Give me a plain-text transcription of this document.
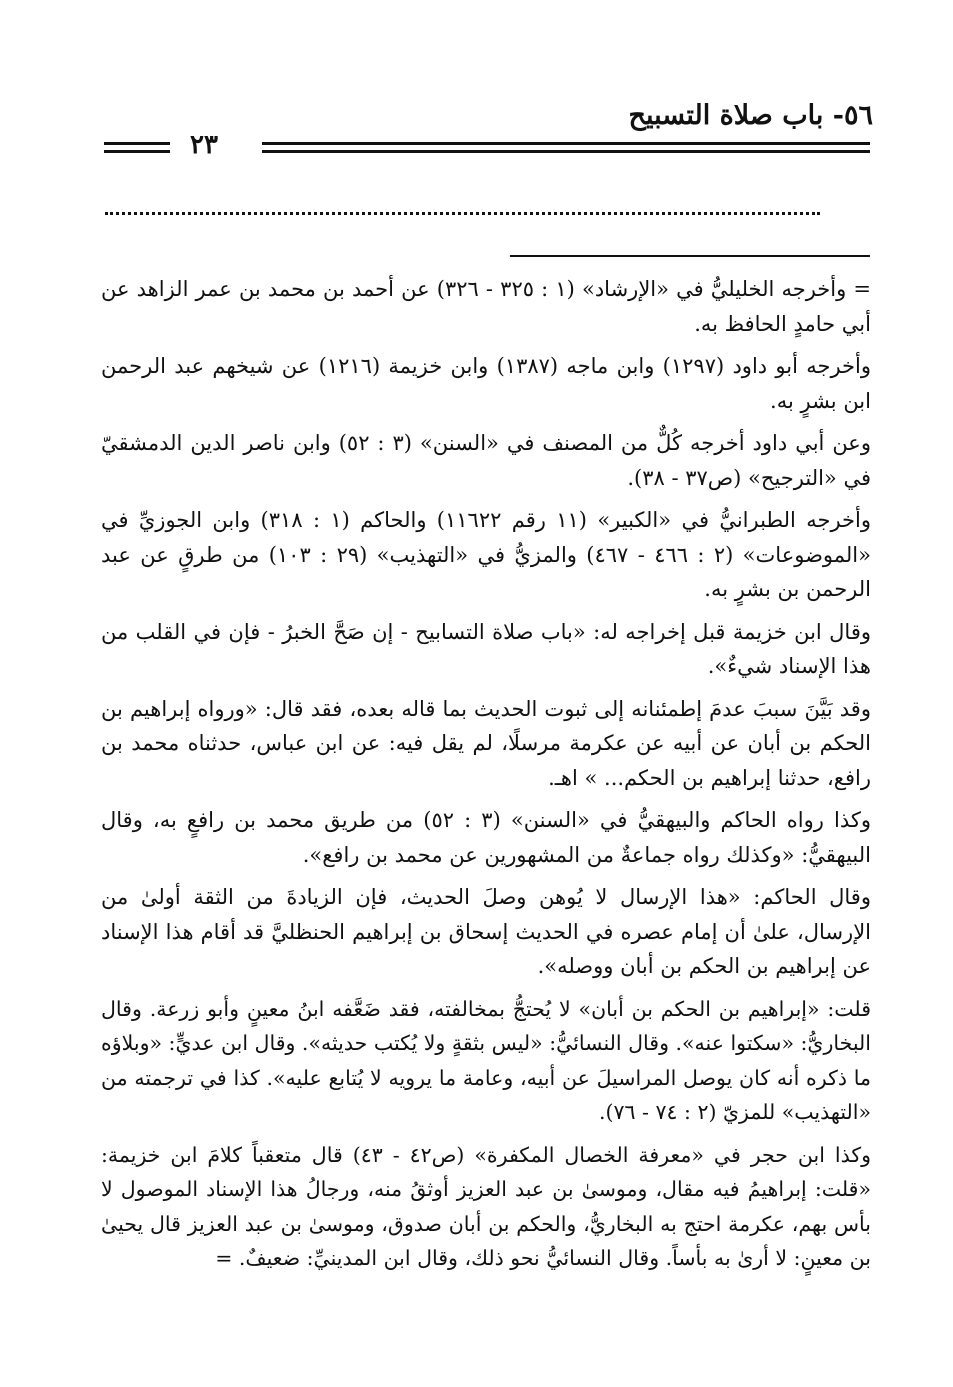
٥٦- باب صلاة التسبيح
٢٣

= وأخرجه الخليليُّ في «الإرشاد» (١ : ٣٢٥ - ٣٢٦) عن أحمد بن محمد بن عمر الزاهد عن أبي حامدٍ الحافظ به.

وأخرجه أبو داود (١٢٩٧) وابن ماجه (١٣٨٧) وابن خزيمة (١٢١٦) عن شيخهم عبد الرحمن ابن بشرٍ به.

وعن أبي داود أخرجه كُلٌّ من المصنف في «السنن» (٣ : ٥٢) وابن ناصر الدين الدمشقيّ في «الترجيح» (ص٣٧ - ٣٨).

وأخرجه الطبرانيُّ في «الكبير» (١١ رقم ١١٦٢٢) والحاكم (١ : ٣١٨) وابن الجوزيِّ في «الموضوعات» (٢ : ٤٦٦ - ٤٦٧) والمزيُّ في «التهذيب» (٢٩ : ١٠٣) من طرقٍ عن عبد الرحمن بن بشرٍ به.

وقال ابن خزيمة قبل إخراجه له: «باب صلاة التسابيح - إن صَحَّ الخبرُ - فإن في القلب من هذا الإسناد شيءٌ».

وقد بَيَّنَ سببَ عدمَ إطمئنانه إلى ثبوت الحديث بما قاله بعده، فقد قال: «ورواه إبراهيم بن الحكم بن أبان عن أبيه عن عكرمة مرسلًا، لم يقل فيه: عن ابن عباس، حدثناه محمد بن رافع، حدثنا إبراهيم بن الحكم... » اهـ.

وكذا رواه الحاكم والبيهقيُّ في «السنن» (٣ : ٥٢) من طريق محمد بن رافعٍ به، وقال البيهقيُّ: «وكذلك رواه جماعةٌ من المشهورين عن محمد بن رافع».

وقال الحاكم: «هذا الإرسال لا يُوهن وصلَ الحديث، فإن الزيادةَ من الثقة أولىٰ من الإرسال، علىٰ أن إمام عصره في الحديث إسحاق بن إبراهيم الحنظليَّ قد أقام هذا الإسناد عن إبراهيم بن الحكم بن أبان ووصله».

قلت: «إبراهيم بن الحكم بن أبان» لا يُحتجُّ بمخالفته، فقد ضَعَّفه ابنُ معينٍ وأبو زرعة. وقال البخاريُّ: «سكتوا عنه». وقال النسائيُّ: «ليس بثقةٍ ولا يُكتب حديثه». وقال ابن عديٍّ: «وبلاؤه ما ذكره أنه كان يوصل المراسيلَ عن أبيه، وعامة ما يرويه لا يُتابع عليه». كذا في ترجمته من «التهذيب» للمزيّ (٢ : ٧٤ - ٧٦).

وكذا ابن حجر في «معرفة الخصال المكفرة» (ص٤٢ - ٤٣) قال متعقباً كلامَ ابن خزيمة: «قلت: إبراهيمُ فيه مقال، وموسىٰ بن عبد العزيز أوثقُ منه، ورجالُ هذا الإسناد الموصول لا بأس بهم، عكرمة احتج به البخاريُّ، والحكم بن أبان صدوق، وموسىٰ بن عبد العزيز قال يحيىٰ بن معينٍ: لا أرىٰ به بأساً. وقال النسائيُّ نحو ذلك، وقال ابن المدينيِّ: ضعيفٌ. =
